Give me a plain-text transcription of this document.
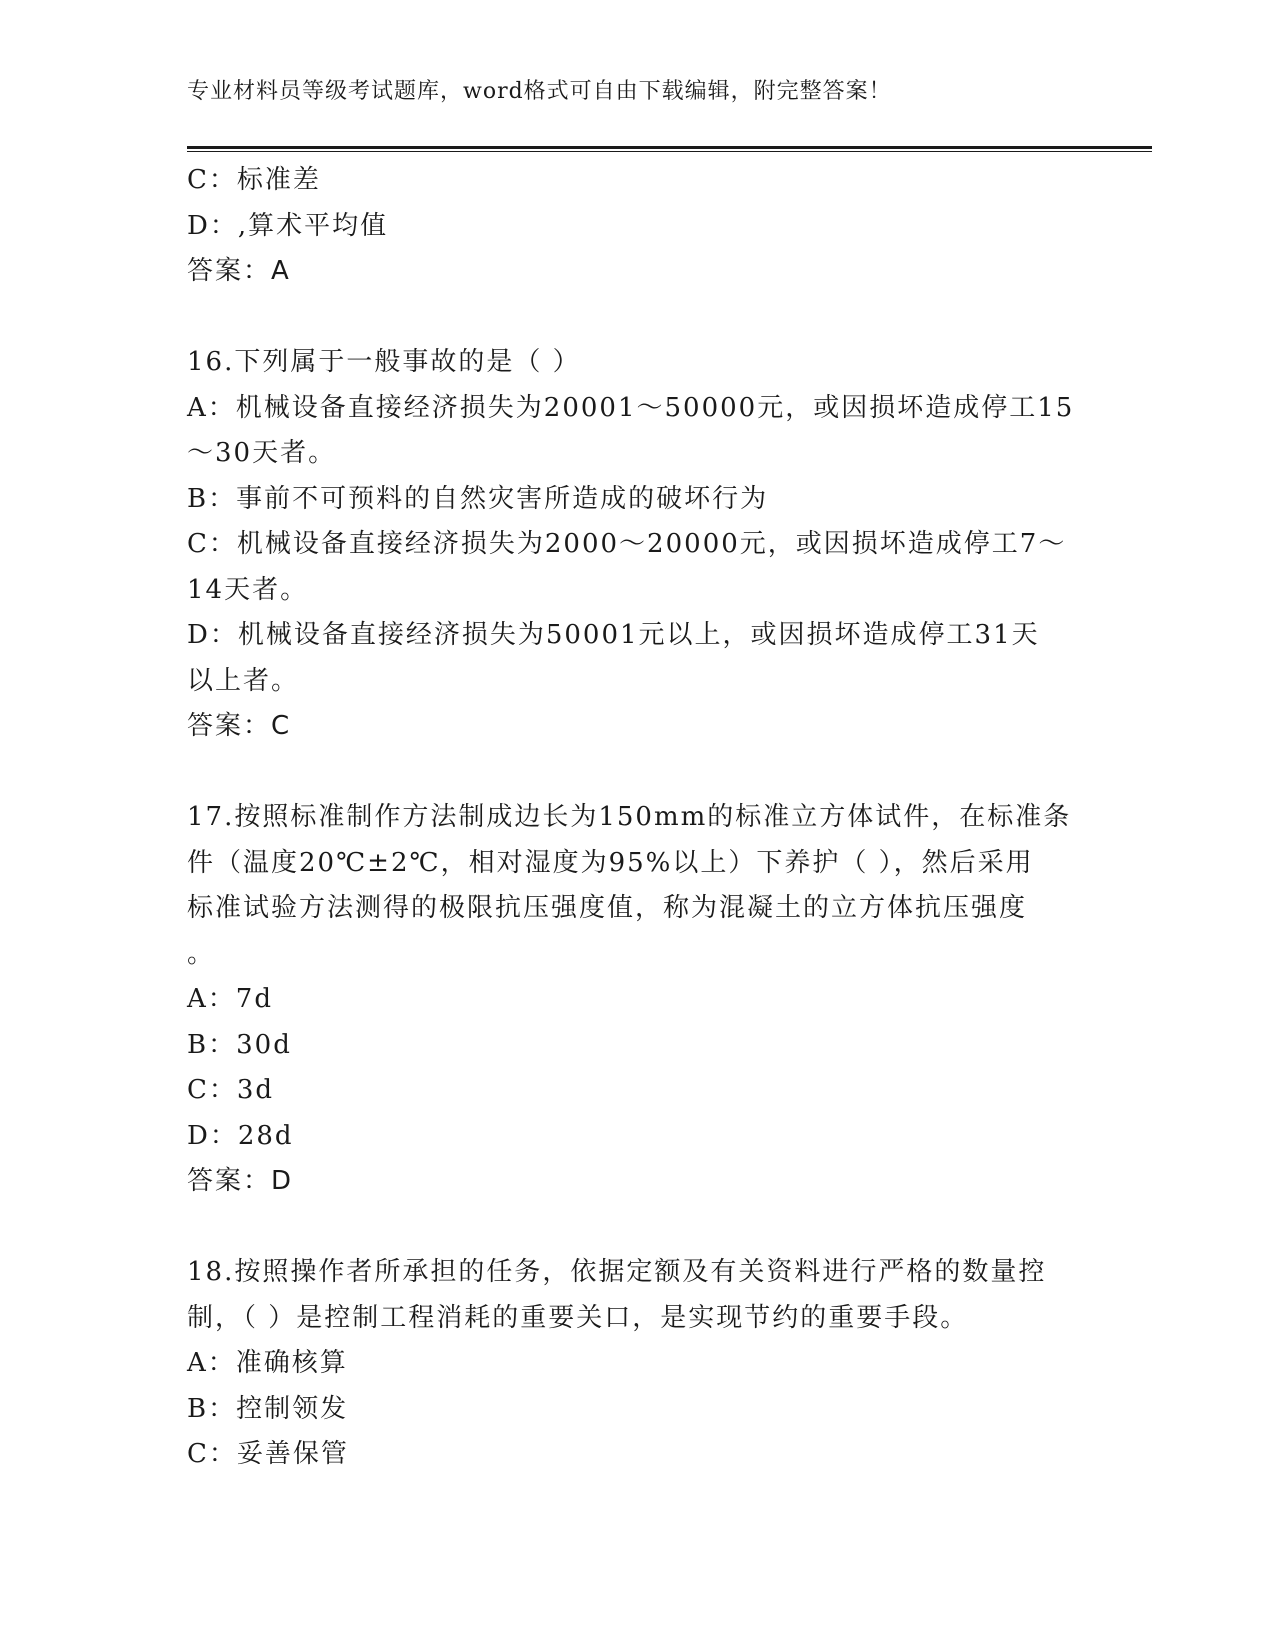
专业材料员等级考试题库，word格式可自由下载编辑，附完整答案！
C：标准差
D：,算术平均值
答案：A
16.下列属于一般事故的是（ ）
A：机械设备直接经济损失为20001～50000元，或因损坏造成停工15
～30天者。
B：事前不可预料的自然灾害所造成的破坏行为
C：机械设备直接经济损失为2000～20000元，或因损坏造成停工7～
14天者。
D：机械设备直接经济损失为50001元以上，或因损坏造成停工31天
以上者。
答案：C
17.按照标准制作方法制成边长为150mm的标准立方体试件，在标准条
件（温度20℃±2℃，相对湿度为95%以上）下养护（ ），然后采用
标准试验方法测得的极限抗压强度值，称为混凝土的立方体抗压强度
。
A：7d
B：30d
C：3d
D：28d
答案：D
18.按照操作者所承担的任务，依据定额及有关资料进行严格的数量控
制，（ ）是控制工程消耗的重要关口，是实现节约的重要手段。
A：准确核算
B：控制领发
C：妥善保管
